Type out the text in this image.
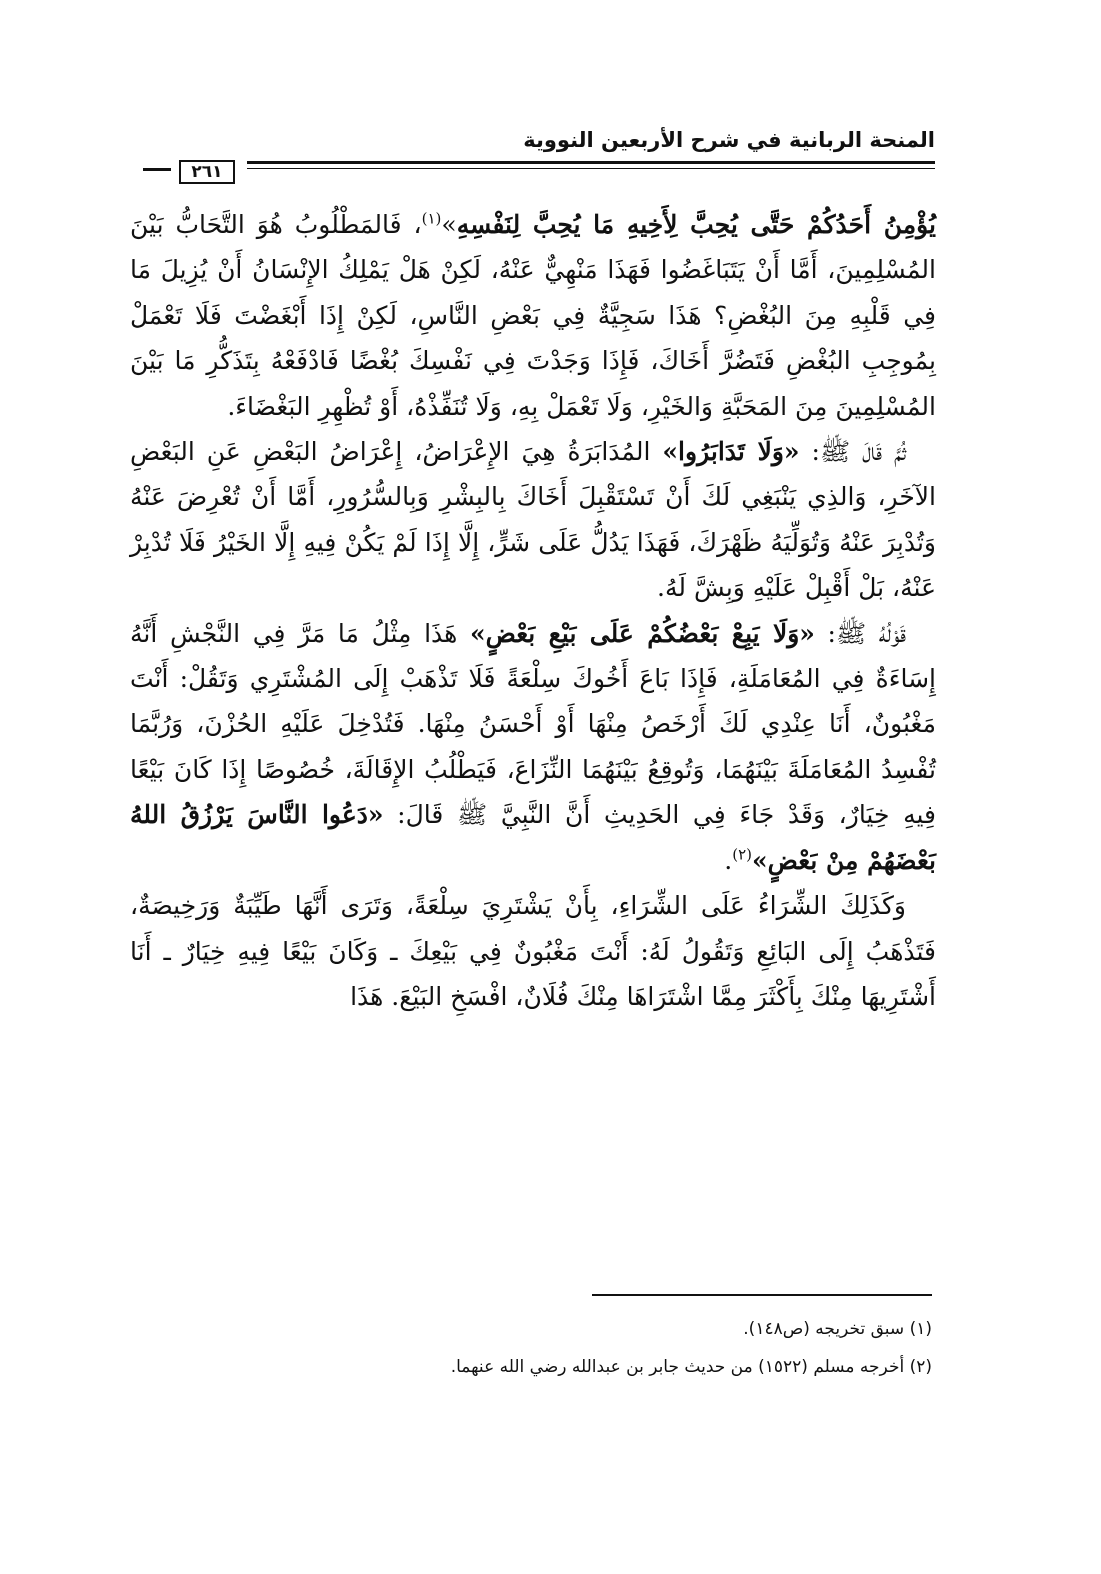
المنحة الربانية في شرح الأربعين النووية
٢٦١

يُؤْمِنُ أَحَدُكُمْ حَتَّى يُحِبَّ لِأَخِيهِ مَا يُحِبَّ لِنَفْسِهِ»$^{(١)}$، فَالمَطْلُوبُ هُوَ التَّحَابُّ بَيْنَ المُسْلِمِينَ، أَمَّا أَنْ يَتَبَاغَضُوا فَهَذَا مَنْهِيٌّ عَنْهُ، لَكِنْ هَلْ يَمْلِكُ الإِنْسَانُ أَنْ يُزِيلَ مَا فِي قَلْبِهِ مِنَ البُغْضِ؟ هَذَا سَجِيَّةٌ فِي بَعْضِ النَّاسِ، لَكِنْ إِذَا أَبْغَضْتَ فَلَا تَعْمَلْ بِمُوجِبِ البُغْضِ فَتَضُرَّ أَخَاكَ، فَإِذَا وَجَدْتَ فِي نَفْسِكَ بُغْضًا فَادْفَعْهُ بِتَذَكُّرِ مَا بَيْنَ المُسْلِمِينَ مِنَ المَحَبَّةِ وَالخَيْرِ، وَلَا تَعْمَلْ بِهِ، وَلَا تُنَفِّذْهُ، أَوْ تُظْهِرِ البَغْضَاءَ.

ثُمَّ قَالَ ﷺ: «وَلَا تَدَابَرُوا» المُدَابَرَةُ هِيَ الإِعْرَاضُ، إِعْرَاضُ البَعْضِ عَنِ البَعْضِ الآخَرِ، وَالذِي يَنْبَغِي لَكَ أَنْ تَسْتَقْبِلَ أَخَاكَ بِالبِشْرِ وَبِالسُّرُورِ، أَمَّا أَنْ تُعْرِضَ عَنْهُ وَتُدْبِرَ عَنْهُ وَتُوَلِّيَهُ ظَهْرَكَ، فَهَذَا يَدُلُّ عَلَى شَرٍّ، إِلَّا إِذَا لَمْ يَكُنْ فِيهِ إِلَّا الخَيْرُ فَلَا تُدْبِرْ عَنْهُ، بَلْ أَقْبِلْ عَلَيْهِ وَبِشَّ لَهُ.

قَوْلُهُ ﷺ: «وَلَا يَبِعْ بَعْضُكُمْ عَلَى بَيْعِ بَعْضٍ» هَذَا مِثْلُ مَا مَرَّ فِي النَّجْشِ أَنَّهُ إِسَاءَةٌ فِي المُعَامَلَةِ، فَإِذَا بَاعَ أَخُوكَ سِلْعَةً فَلَا تَذْهَبْ إِلَى المُشْتَرِي وَتَقُلْ: أَنْتَ مَغْبُونٌ، أَنَا عِنْدِي لَكَ أَرْخَصُ مِنْهَا أَوْ أَحْسَنُ مِنْهَا. فَتُدْخِلَ عَلَيْهِ الحُزْنَ، وَرُبَّمَا تُفْسِدُ المُعَامَلَةَ بَيْنَهُمَا، وَتُوقِعُ بَيْنَهُمَا النِّزَاعَ، فَيَطْلُبُ الإِقَالَةَ، خُصُوصًا إِذَا كَانَ بَيْعًا فِيهِ خِيَارٌ، وَقَدْ جَاءَ فِي الحَدِيثِ أَنَّ النَّبِيَّ ﷺ قَالَ: «دَعُوا النَّاسَ يَرْزُقُ اللهُ بَعْضَهُمْ مِنْ بَعْضٍ»$^{(٢)}$.

وَكَذَلِكَ الشِّرَاءُ عَلَى الشِّرَاءِ، بِأَنْ يَشْتَرِيَ سِلْعَةً، وَتَرَى أَنَّهَا طَيِّبَةٌ وَرَخِيصَةٌ، فَتَذْهَبُ إِلَى البَائِعِ وَتَقُولُ لَهُ: أَنْتَ مَغْبُونٌ فِي بَيْعِكَ ـ وَكَانَ بَيْعًا فِيهِ خِيَارٌ ـ أَنَا أَشْتَرِيهَا مِنْكَ بِأَكْثَرَ مِمَّا اشْتَرَاهَا مِنْكَ فُلَانٌ، افْسَخِ البَيْعَ. هَذَا

(١) سبق تخريجه (ص١٤٨).

(٢) أخرجه مسلم (١٥٢٢) من حديث جابر بن عبدالله رضي الله عنهما.
